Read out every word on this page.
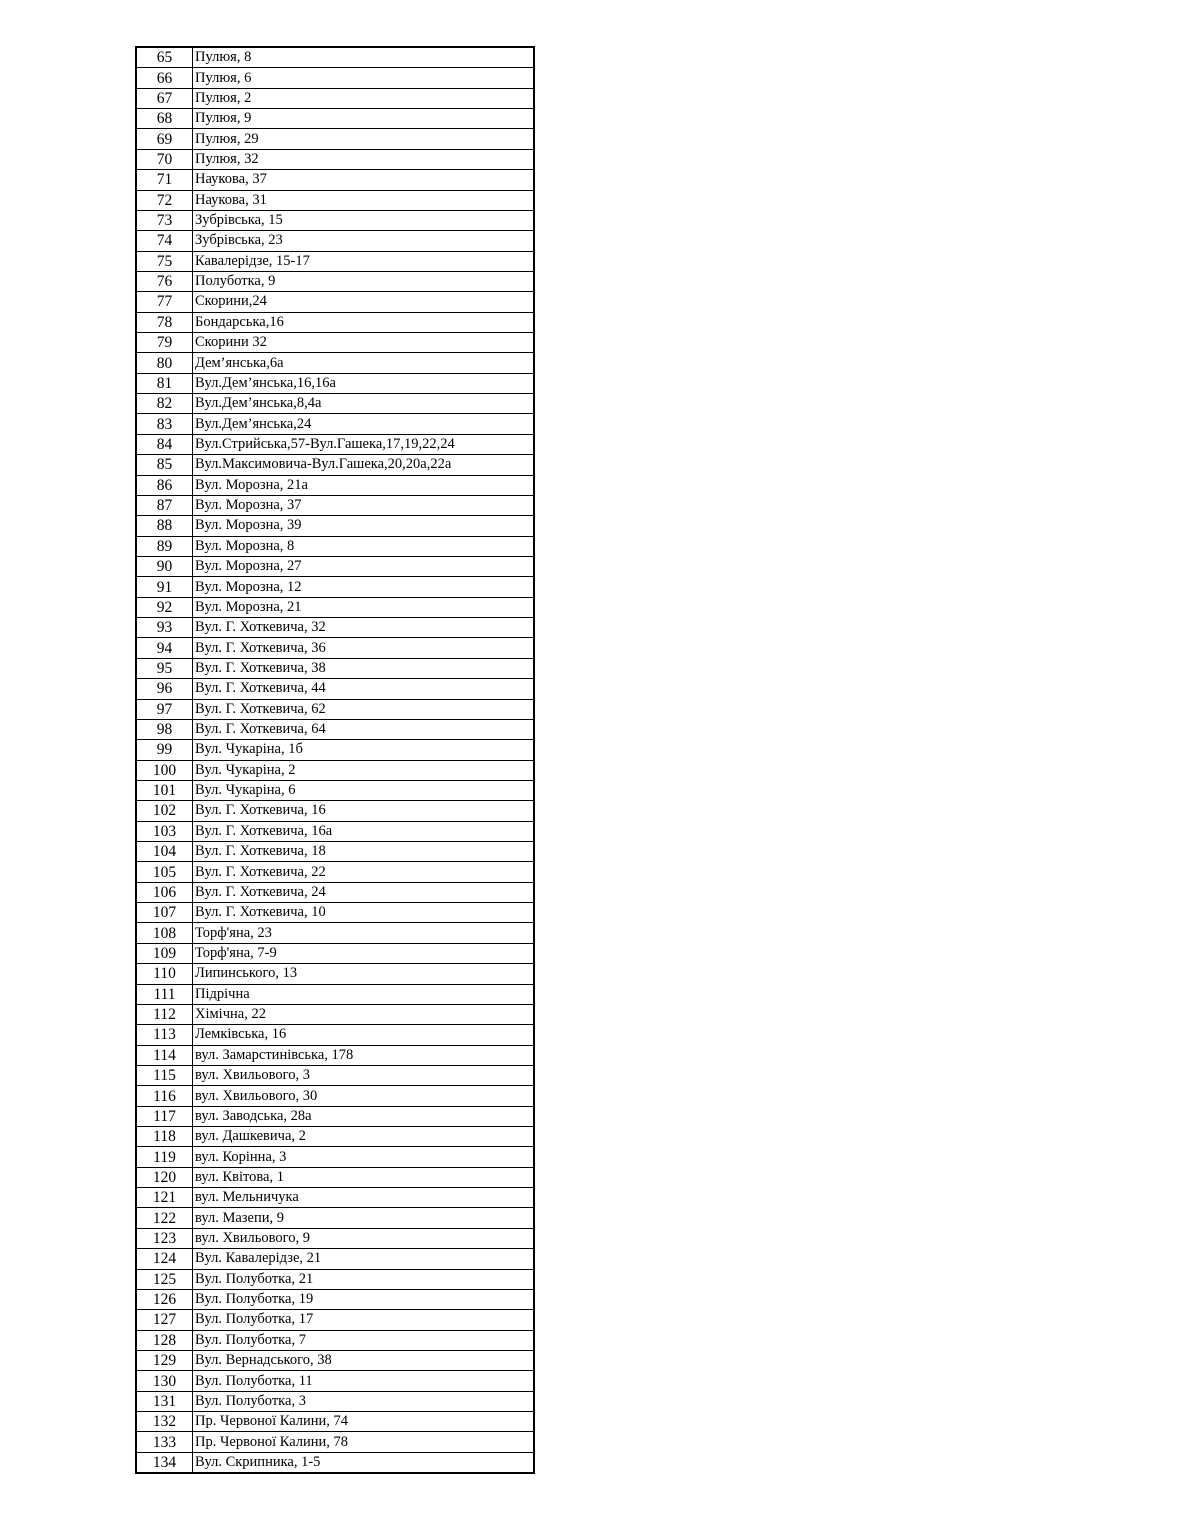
65	Пулюя, 8
66	Пулюя, 6
67	Пулюя, 2
68	Пулюя, 9
69	Пулюя, 29
70	Пулюя, 32
71	Наукова, 37
72	Наукова, 31
73	Зубрівська, 15
74	Зубрівська, 23
75	Кавалерідзе, 15-17
76	Полуботка, 9
77	Скорини,24
78	Бондарська,16
79	Скорини 32
80	Дем’янська,6а
81	Вул.Дем’янська,16,16а
82	Вул.Дем’янська,8,4а
83	Вул.Дем’янська,24
84	Вул.Стрийська,57-Вул.Гашека,17,19,22,24
85	Вул.Максимовича-Вул.Гашека,20,20а,22а
86	Вул. Морозна, 21а
87	Вул. Морозна, 37
88	Вул. Морозна, 39
89	Вул. Морозна, 8
90	Вул. Морозна, 27
91	Вул. Морозна, 12
92	Вул. Морозна, 21
93	Вул. Г. Хоткевича, 32
94	Вул. Г. Хоткевича, 36
95	Вул. Г. Хоткевича, 38
96	Вул. Г. Хоткевича, 44
97	Вул. Г. Хоткевича, 62
98	Вул. Г. Хоткевича, 64
99	Вул. Чукаріна, 1б
100	Вул. Чукаріна, 2
101	Вул. Чукаріна, 6
102	Вул. Г. Хоткевича, 16
103	Вул. Г. Хоткевича, 16а
104	Вул. Г. Хоткевича, 18
105	Вул. Г. Хоткевича, 22
106	Вул. Г. Хоткевича, 24
107	Вул. Г. Хоткевича, 10
108	Торф'яна, 23
109	Торф'яна, 7-9
110	Липинського, 13
111	Підрічна
112	Хімічна, 22
113	Лемківська, 16
114	вул. Замарстинівська, 178
115	вул. Хвильового, 3
116	вул. Хвильового, 30
117	вул. Заводська, 28а
118	вул. Дашкевича, 2
119	вул. Корінна, 3
120	вул. Квітова, 1
121	вул. Мельничука
122	вул. Мазепи, 9
123	вул. Хвильового, 9
124	Вул. Кавалерідзе, 21
125	Вул. Полуботка, 21
126	Вул. Полуботка, 19
127	Вул. Полуботка, 17
128	Вул. Полуботка, 7
129	Вул. Вернадського, 38
130	Вул. Полуботка, 11
131	Вул. Полуботка, 3
132	Пр. Червоної Калини, 74
133	Пр. Червоної Калини, 78
134	Вул. Скрипника, 1-5
